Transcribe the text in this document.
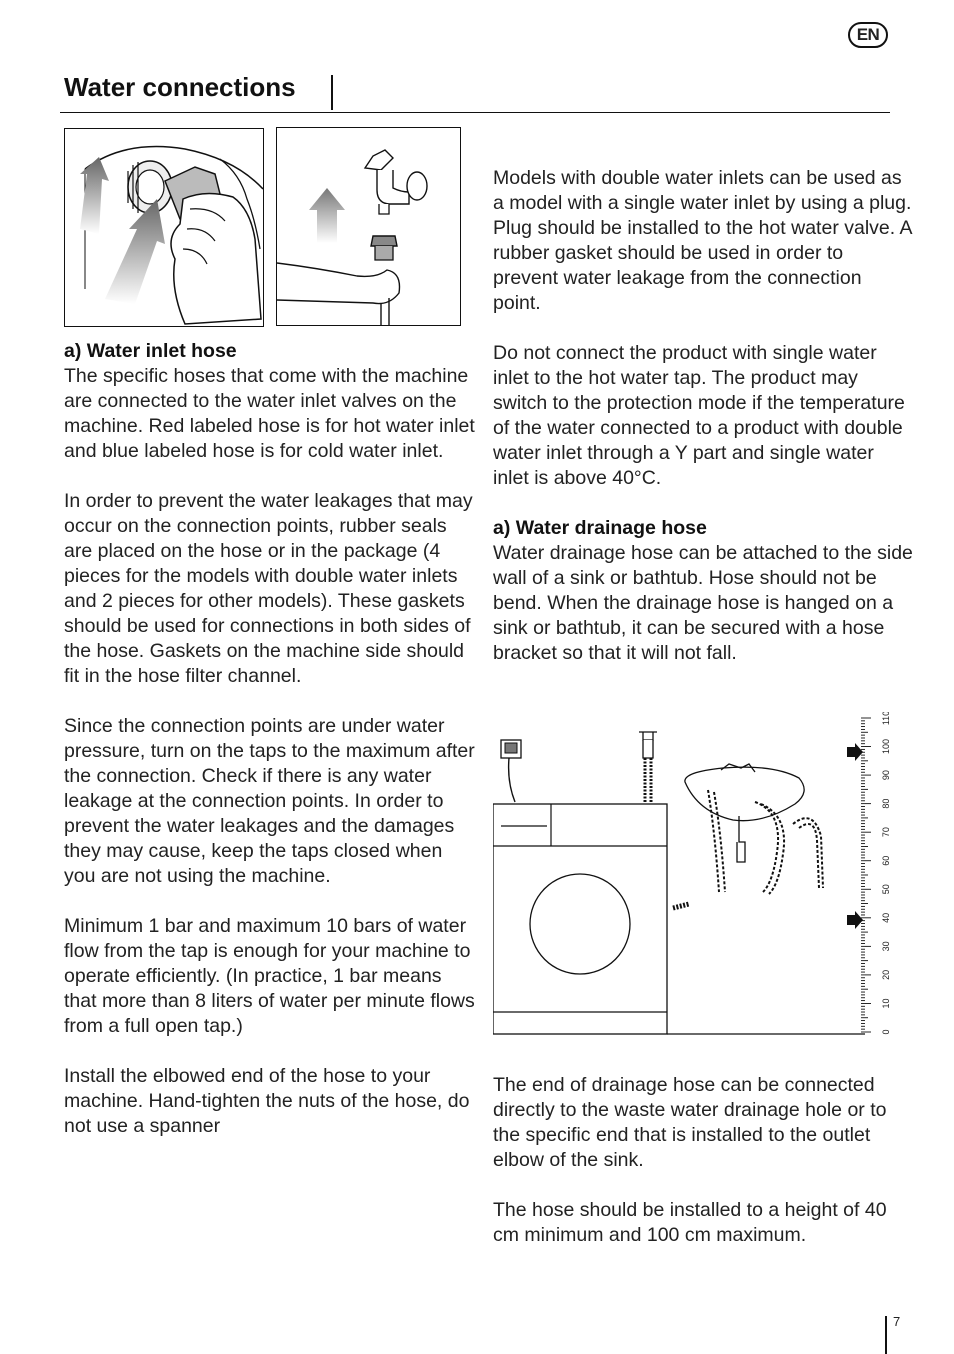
EN
Water connections
a) Water inlet hose

The specific hoses that come with the machine are connected to the water inlet valves on the machine. Red labeled hose is for hot water inlet and blue labeled hose is for cold water inlet.

In order to prevent the water leakages that may occur on the connection points, rubber seals are placed on the hose or in the package (4 pieces for the models with double water inlets and 2 pieces for other models). These gaskets should be used for connections in both sides of the hose. Gaskets on the machine side should fit in the hose filter channel.

Since the connection points are under water pressure, turn on the taps to the maximum after the connection. Check if there is any water leakage at the connection points. In order to prevent the water leakages and the damages they may cause, keep the taps closed when you are not using the machine.

Minimum 1 bar and maximum 10 bars of water flow from the tap is enough for your machine to operate efficiently. (In practice, 1 bar means that more than 8 liters of water per minute flows from a full open tap.)

Install the elbowed end of the hose to your machine. Hand-tighten the nuts of the hose, do not use a spanner

Models with double water inlets can be used as a model with a single water inlet by using a plug. Plug should be installed to the hot water valve. A rubber gasket should be used in order to prevent water leakage from the connection point.

Do not connect the product with single water inlet to the hot water tap. The product may switch to the protection mode if the temperature of the water connected to a product with double water inlet through a Y part and single water inlet is above 40°C.

a) Water drainage hose

Water drainage hose can be attached to the side wall of a sink or bathtub. Hose should not be bend. When the drainage hose is hanged on a sink or bathtub, it can be secured with a hose bracket so that it will not fall.

0
10
20
30
40
50
60
70
80
90
100
110

The end of drainage hose can be connected directly to the waste water drainage hole or to the specific end that is installed to the outlet elbow of the sink.

The hose should be installed to a height of 40 cm minimum and 100 cm maximum.

7
